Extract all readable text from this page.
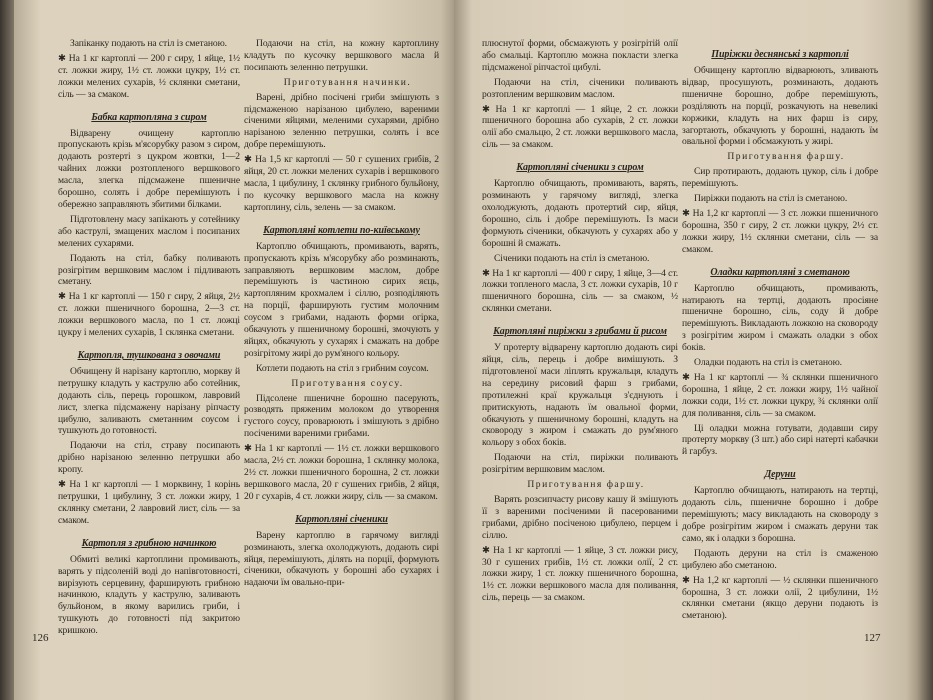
Запіканку подають на стіл із сметаною.

✱ На 1 кг картоплі — 200 г сиру, 1 яйце, 1½ ст. ложки жиру, 1½ ст. ложки цукру, 1½ ст. ложки мелених сухарів, ½ склянки сметани, сіль — за смаком.

Бабка картопляна з сиром

Відварену очищену картоплю пропускають крізь м'ясорубку разом з сиром, додають розтерті з цукром жовтки, 1—2 чайних ложки розтопленого вершкового масла, злегка підсмажене пшеничне борошно, солять і добре перемішують і обережно заправляють збитими білками.

Підготовлену масу запікають у сотейнику або каструлі, змащених маслом і посипаних мелених сухарями.

Подають на стіл, бабку поливають розігрітим вершковим маслом і підливають сметану.

✱ На 1 кг картоплі — 150 г сиру, 2 яйця, 2½ ст. ложки пшеничного борошна, 2—3 ст. ложки вершкового масла, по 1 ст. ложці цукру і мелених сухарів, 1 склянка сметани.

Картопля, тушкована з овочами

Обчищену й нарізану картоплю, моркву й петрушку кладуть у каструлю або сотейник, додають сіль, перець горошком, лавровий лист, злегка підсмажену нарізану ріпчасту цибулю, заливають сметанним соусом і тушкують до готовності.

Подаючи на стіл, страву посипають дрібно нарізаною зеленню петрушки або кропу.

✱ На 1 кг картоплі — 1 морквину, 1 корінь петрушки, 1 цибулину, 3 ст. ложки жиру, 1 склянку сметани, 2 лавровий лист, сіль — за смаком.

Картопля з грибною начинкою

Обмиті великі картоплини промивають, варять у підсоленій воді до напівготовності, вирізують серцевину, фарширують грибною начинкою, кладуть у каструлю, заливають бульйоном, в якому варились гриби, і тушкують до готовності під закритою кришкою.

Подаючи на стіл, на кожну картоплину кладуть по кусочку вершкового масла й посипають зеленню петрушки.

Приготування начинки.

Варені, дрібно посічені гриби змішують з підсмаженою нарізаною цибулею, вареними січеними яйцями, меленими сухарями, дрібно нарізаною зеленню петрушки, солять і все добре перемішують.

✱ На 1,5 кг картоплі — 50 г сушених грибів, 2 яйця, 20 ст. ложки мелених сухарів і вершкового масла, 1 цибулину, 1 склянку грибного бульйону, по кусочку вершкового масла на кожну картоплину, сіль, зелень — за смаком.

Картопляні котлети по-київському

Картоплю обчищають, промивають, варять, пропускають крізь м'ясорубку або розминають, заправляють вершковим маслом, добре перемішують із частиною сирих яєць, картопляним крохмалем і сіллю, розподіляють на порції, фарширують густим молочним соусом з грибами, надають форми огірка, обкачують у пшеничному борошні, змочують у яйцях, обкачують у сухарях і смажать на добре розігрітому жирі до рум'яного кольору.

Котлети подають на стіл з грибним соусом.

Приготування соусу.

Підсолене пшеничне борошно пасерують, розводять пряженим молоком до утворення густого соусу, проварюють і змішують з дрібно посіченими вареними грибами.

✱ На 1 кг картоплі — 1½ ст. ложки вершкового масла, 2½ ст. ложки борошна, 1 склянку молока, 2½ ст. ложки пшеничного борошна, 2 ст. ложки вершкового масла, 20 г сушених грибів, 2 яйця, 20 г сухарів, 4 ст. ложки жиру, сіль — за смаком.

Картопляні січеники

Варену картоплю в гарячому вигляді розминають, злегка охолоджують, додають сирі яйця, перемішують, ділять на порції, формують січеники, обкачують у борошні або сухарях і надаючи їм овально-при-

126

плюснутої форми, обсмажують у розігрітій олії або смальці. Картоплю можна покласти злегка підсмаженої ріпчастої цибулі.

Подаючи на стіл, січеники поливають розтопленим вершковим маслом.

✱ На 1 кг картоплі — 1 яйце, 2 ст. ложки пшеничного борошна або сухарів, 2 ст. ложки олії або смальцю, 2 ст. ложки вершкового масла, сіль — за смаком.

Картопляні січеники з сиром

Картоплю обчищають, промивають, варять, розминають у гарячому вигляді, злегка охолоджують, додають протертий сир, яйця, борошно, сіль і добре перемішують. Із маси формують січеники, обкачують у сухарях або у борошні й смажать.

Січеники подають на стіл із сметаною.

✱ На 1 кг картоплі — 400 г сиру, 1 яйце, 3—4 ст. ложки топленого масла, 3 ст. ложки сухарів, 10 г пшеничного борошна, сіль — за смаком, ½ склянки сметани.

Картопляні пиріжки з грибами й рисом

У протерту відварену картоплю додають сирі яйця, сіль, перець і добре вимішують. З підготовленої маси ліплять кружальця, кладуть на середину рисовий фарш з грибами, протилежні краї кружальця з'єднують і притискують, надають їм овальної форми, обкачують у пшеничному борошні, кладуть на сковороду з жиром і смажать до рум'яного кольору з обох боків.

Подаючи на стіл, пиріжки поливають розігрітим вершковим маслом.

Приготування фаршу.

Варять розсипчасту рисову кашу й змішують її з вареними посіченими й пасерованими грибами, дрібно посіченою цибулею, перцем і сіллю.

✱ На 1 кг картоплі — 1 яйце, 3 ст. ложки рису, 30 г сушених грибів, 1½ ст. ложки олії, 2 ст. ложки жиру, 1 ст. ложку пшеничного борошна, 1½ ст. ложки вершкового масла для поливання, сіль, перець — за смаком.

Пиріжки деснянські з картоплі

Обчищену картоплю відварюють, зливають відвар, просушують, розминають, додають пшеничне борошно, добре перемішують, розділяють на порції, розкачують на невеликі коржики, кладуть на них фарш із сиру, загортають, обкачують у борошні, надають їм овальної форми і обсмажують у жирі.

Приготування фаршу.

Сир протирають, додають цукор, сіль і добре перемішують.

Пиріжки подають на стіл із сметаною.

✱ На 1,2 кг картоплі — 3 ст. ложки пшеничного борошна, 350 г сиру, 2 ст. ложки цукру, 2½ ст. ложки жиру, 1½ склянки сметани, сіль — за смаком.

Оладки картопляні з сметаною

Картоплю обчищають, промивають, натирають на тертці, додають просіяне пшеничне борошно, сіль, соду й добре перемішують. Викладають ложкою на сковороду з розігрітим жиром і смажать оладки з обох боків.

Оладки подають на стіл із сметаною.

✱ На 1 кг картоплі — ¾ склянки пшеничного борошна, 1 яйце, 2 ст. ложки жиру, 1½ чайної ложки соди, 1½ ст. ложки цукру, ¾ склянки олії для поливання, сіль — за смаком.

Ці оладки можна готувати, додавши сиру протерту моркву (3 шт.) або сирі натерті кабачки й гарбуз.

Деруни

Картоплю обчищають, натирають на тертці, додають сіль, пшеничне борошно і добре перемішують; масу викладають на сковороду з добре розігрітим жиром і смажать деруни так само, як і оладки з борошна.

Подають деруни на стіл із смаженою цибулею або сметаною.

✱ На 1,2 кг картоплі — ½ склянки пшеничного борошна, 3 ст. ложки олії, 2 цибулини, 1½ склянки сметани (якщо деруни подають із сметаною).

127
